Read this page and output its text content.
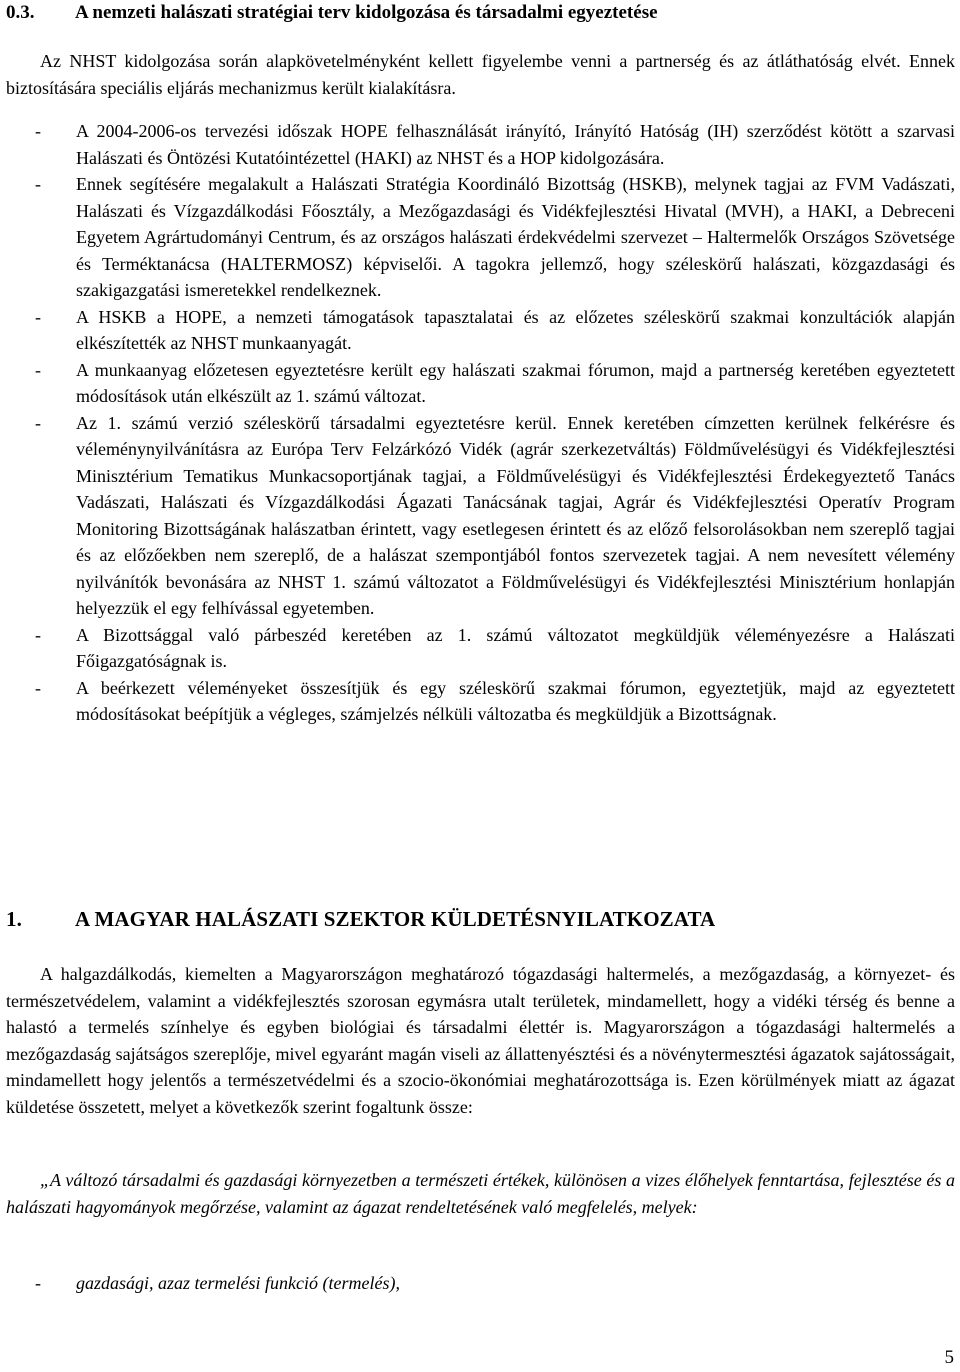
0.3.	A nemzeti halászati stratégiai terv kidolgozása és társadalmi egyeztetése

Az NHST kidolgozása során alapkövetelményként kellett figyelembe venni a partnerség és az átláthatóság elvét. Ennek biztosítására speciális eljárás mechanizmus került kialakításra.

- A 2004-2006-os tervezési időszak HOPE felhasználását irányító, Irányító Hatóság (IH) szerződést kötött a szarvasi Halászati és Öntözési Kutatóintézettel (HAKI) az NHST és a HOP kidolgozására.
- Ennek segítésére megalakult a Halászati Stratégia Koordináló Bizottság (HSKB), melynek tagjai az FVM Vadászati, Halászati és Vízgazdálkodási Főosztály, a Mezőgazdasági és Vidékfejlesztési Hivatal (MVH), a HAKI, a Debreceni Egyetem Agrártudományi Centrum, és az országos halászati érdekvédelmi szervezet – Haltermelők Országos Szövetsége és Terméktanácsa (HALTERMOSZ) képviselői. A tagokra jellemző, hogy széleskörű halászati, közgazdasági és szakigazgatási ismeretekkel rendelkeznek.
- A HSKB a HOPE, a nemzeti támogatások tapasztalatai és az előzetes széleskörű szakmai konzultációk alapján elkészítették az NHST munkaanyagát.
- A munkaanyag előzetesen egyeztetésre került egy halászati szakmai fórumon, majd a partnerség keretében egyeztetett módosítások után elkészült az 1. számú változat.
- Az 1. számú verzió széleskörű társadalmi egyeztetésre kerül. Ennek keretében címzetten kerülnek felkérésre és véleménynyilvánításra az Európa Terv Felzárkózó Vidék (agrár szerkezetváltás) Földművelésügyi és Vidékfejlesztési Minisztérium Tematikus Munkacsoportjának tagjai, a Földművelésügyi és Vidékfejlesztési Érdekegyeztető Tanács Vadászati, Halászati és Vízgazdálkodási Ágazati Tanácsának tagjai, Agrár és Vidékfejlesztési Operatív Program Monitoring Bizottságának halászatban érintett, vagy esetlegesen érintett és az előző felsorolásokban nem szereplő tagjai és az előzőekben nem szereplő, de a halászat szempontjából fontos szervezetek tagjai. A nem nevesített vélemény nyilvánítók bevonására az NHST 1. számú változatot a Földművelésügyi és Vidékfejlesztési Minisztérium honlapján helyezzük el egy felhívással egyetemben.
- A Bizottsággal való párbeszéd keretében az 1. számú változatot megküldjük véleményezésre a Halászati Főigazgatóságnak is.
- A beérkezett véleményeket összesítjük és egy széleskörű szakmai fórumon, egyeztetjük, majd az egyeztetett módosításokat beépítjük a végleges, számjelzés nélküli változatba és megküldjük a Bizottságnak.
1.	A MAGYAR HALÁSZATI SZEKTOR KÜLDETÉSNYILATKOZATA

A halgazdálkodás, kiemelten a Magyarországon meghatározó tógazdasági haltermelés, a mezőgazdaság, a környezet- és természetvédelem, valamint a vidékfejlesztés szorosan egymásra utalt területek, mindamellett, hogy a vidéki térség és benne a halastó a termelés színhelye és egyben biológiai és társadalmi élettér is. Magyarországon a tógazdasági haltermelés a mezőgazdaság sajátságos szereplője, mivel egyaránt magán viseli az állattenyésztési és a növénytermesztési ágazatok sajátosságait, mindamellett hogy jelentős a természetvédelmi és a szocio-ökonómiai meghatározottsága is. Ezen körülmények miatt az ágazat küldetése összetett, melyet a következők szerint fogaltunk össze:

„A változó társadalmi és gazdasági környezetben a természeti értékek, különösen a vizes élőhelyek fenntartása, fejlesztése és a halászati hagyományok megőrzése, valamint az ágazat rendeltetésének való megfelelés, melyek:

- gazdasági, azaz termelési funkció (termelés),
5
